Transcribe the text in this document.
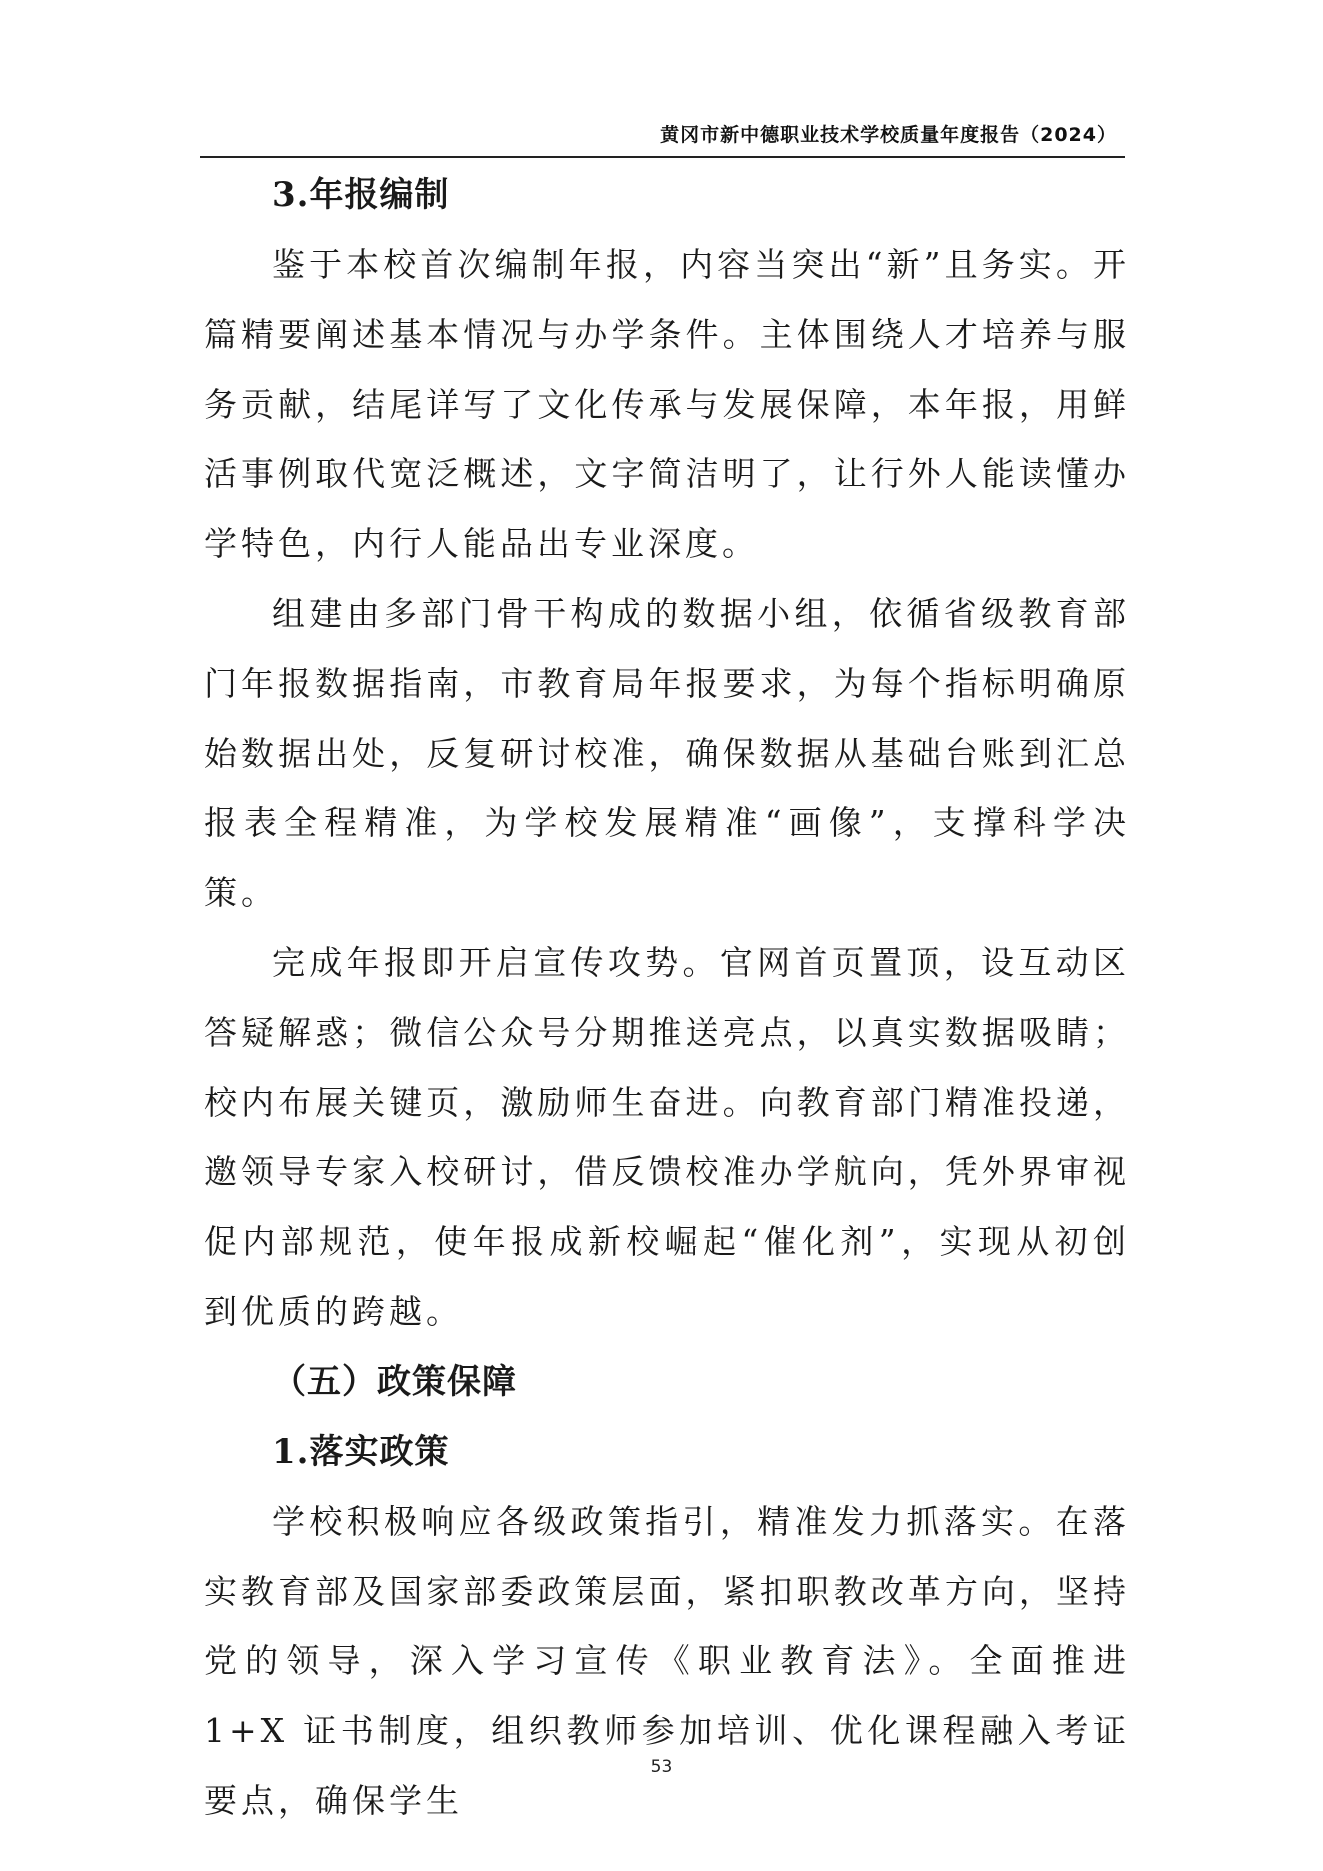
黄冈市新中德职业技术学校质量年度报告（2024）
3.年报编制

鉴于本校首次编制年报，内容当突出“新”且务实。开篇精要阐述基本情况与办学条件。主体围绕人才培养与服务贡献，结尾详写了文化传承与发展保障，本年报，用鲜活事例取代宽泛概述，文字简洁明了，让行外人能读懂办学特色，内行人能品出专业深度。

组建由多部门骨干构成的数据小组，依循省级教育部门年报数据指南，市教育局年报要求，为每个指标明确原始数据出处，反复研讨校准，确保数据从基础台账到汇总报表全程精准，为学校发展精准“画像”，支撑科学决策。

完成年报即开启宣传攻势。官网首页置顶，设互动区答疑解惑；微信公众号分期推送亮点，以真实数据吸睛；校内布展关键页，激励师生奋进。向教育部门精准投递，邀领导专家入校研讨，借反馈校准办学航向，凭外界审视促内部规范，使年报成新校崛起“催化剂”，实现从初创到优质的跨越。

（五）政策保障
1.落实政策

学校积极响应各级政策指引，精准发力抓落实。在落实教育部及国家部委政策层面，紧扣职教改革方向，坚持党的领导，深入学习宣传《职业教育法》。全面推进 1+X 证书制度，组织教师参加培训、优化课程融入考证要点，确保学生

53
